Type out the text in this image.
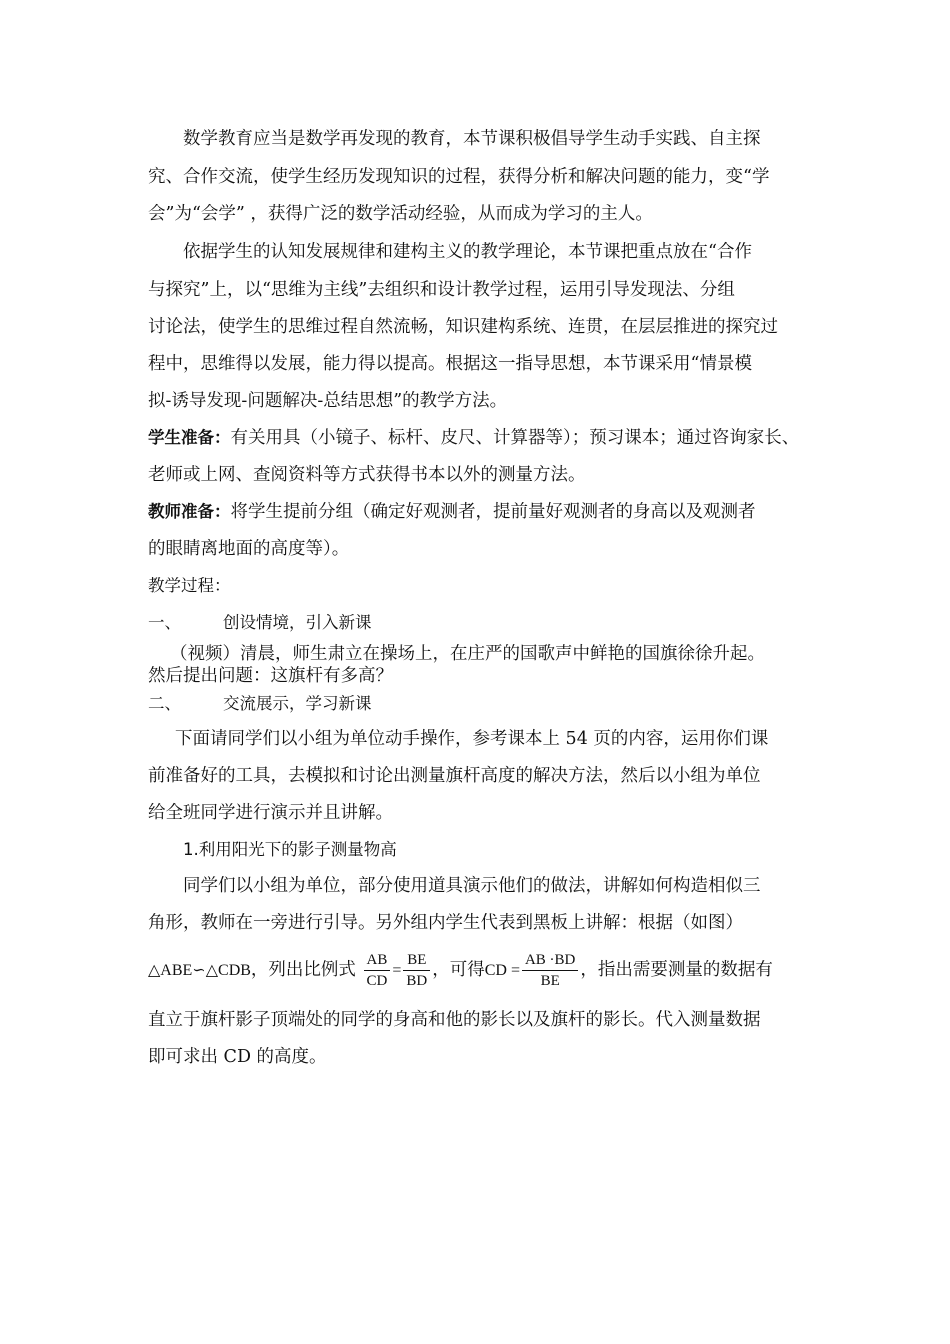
数学教育应当是数学再发现的教育，本节课积极倡导学生动手实践、自主探
究、合作交流，使学生经历发现知识的过程，获得分析和解决问题的能力，变“学
会”为“会学” ，获得广泛的数学活动经验，从而成为学习的主人。
依据学生的认知发展规律和建构主义的教学理论，本节课把重点放在“合作
与探究”上，以“思维为主线”去组织和设计教学过程，运用引导发现法、分组
讨论法，使学生的思维过程自然流畅，知识建构系统、连贯，在层层推进的探究过
程中，思维得以发展，能力得以提高。根据这一指导思想，本节课采用“情景模
拟-诱导发现-问题解决-总结思想”的教学方法。
学生准备：有关用具（小镜子、标杆、皮尺、计算器等）；预习课本；通过咨询家长、
老师或上网、查阅资料等方式获得书本以外的测量方法。
教师准备：将学生提前分组（确定好观测者，提前量好观测者的身高以及观测者
的眼睛离地面的高度等）。
教学过程：
一、	创设情境，引入新课
（视频）清晨，师生肃立在操场上，在庄严的国歌声中鲜艳的国旗徐徐升起。
然后提出问题：这旗杆有多高？
二、	交流展示，学习新课
下面请同学们以小组为单位动手操作，参考课本上 54 页的内容，运用你们课
前准备好的工具，去模拟和讨论出测量旗杆高度的解决方法，然后以小组为单位
给全班同学进行演示并且讲解。
1.利用阳光下的影子测量物高
同学们以小组为单位，部分使用道具演示他们的做法，讲解如何构造相似三
角形，教师在一旁进行引导。另外组内学生代表到黑板上讲解：根据（如图）
△ABE∽△CDB，列出比例式 $\frac{AB}{CD} = \frac{BE}{BD}$ ，可得CD = $\frac{AB \cdot BD}{BE}$ ，指出需要测量的数据有
直立于旗杆影子顶端处的同学的身高和他的影长以及旗杆的影长。代入测量数据
即可求出 CD 的高度。
